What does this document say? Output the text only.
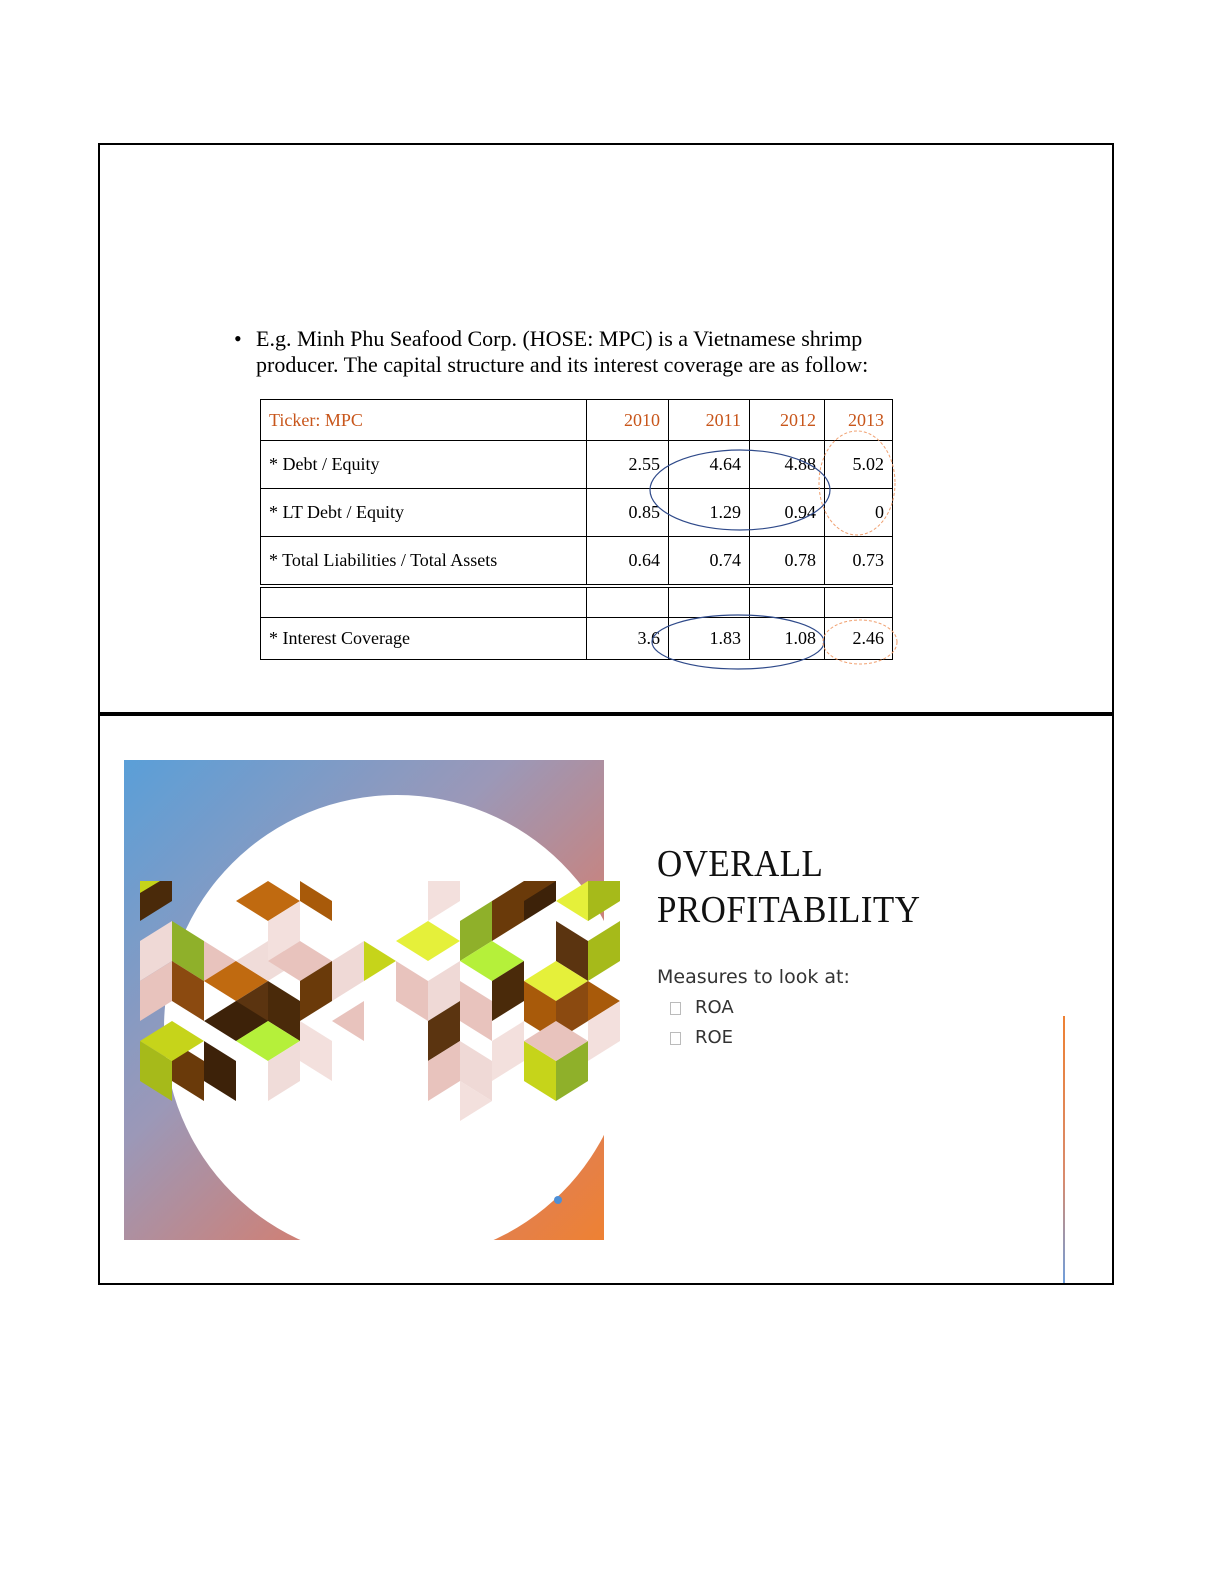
• E.g. Minh Phu Seafood Corp. (HOSE: MPC) is a Vietnamese shrimp
producer. The capital structure and its interest coverage are as follow:
Ticker: MPC	2010	2011	2012	2013
* Debt / Equity	2.55	4.64	4.88	5.02
* LT Debt / Equity	0.85	1.29	0.94	0
* Total Liabilities / Total Assets	0.64	0.74	0.78	0.73

* Interest Coverage	3.6	1.83	1.08	2.46
OVERALL
PROFITABILITY
Measures to look at:
ROA
ROE
